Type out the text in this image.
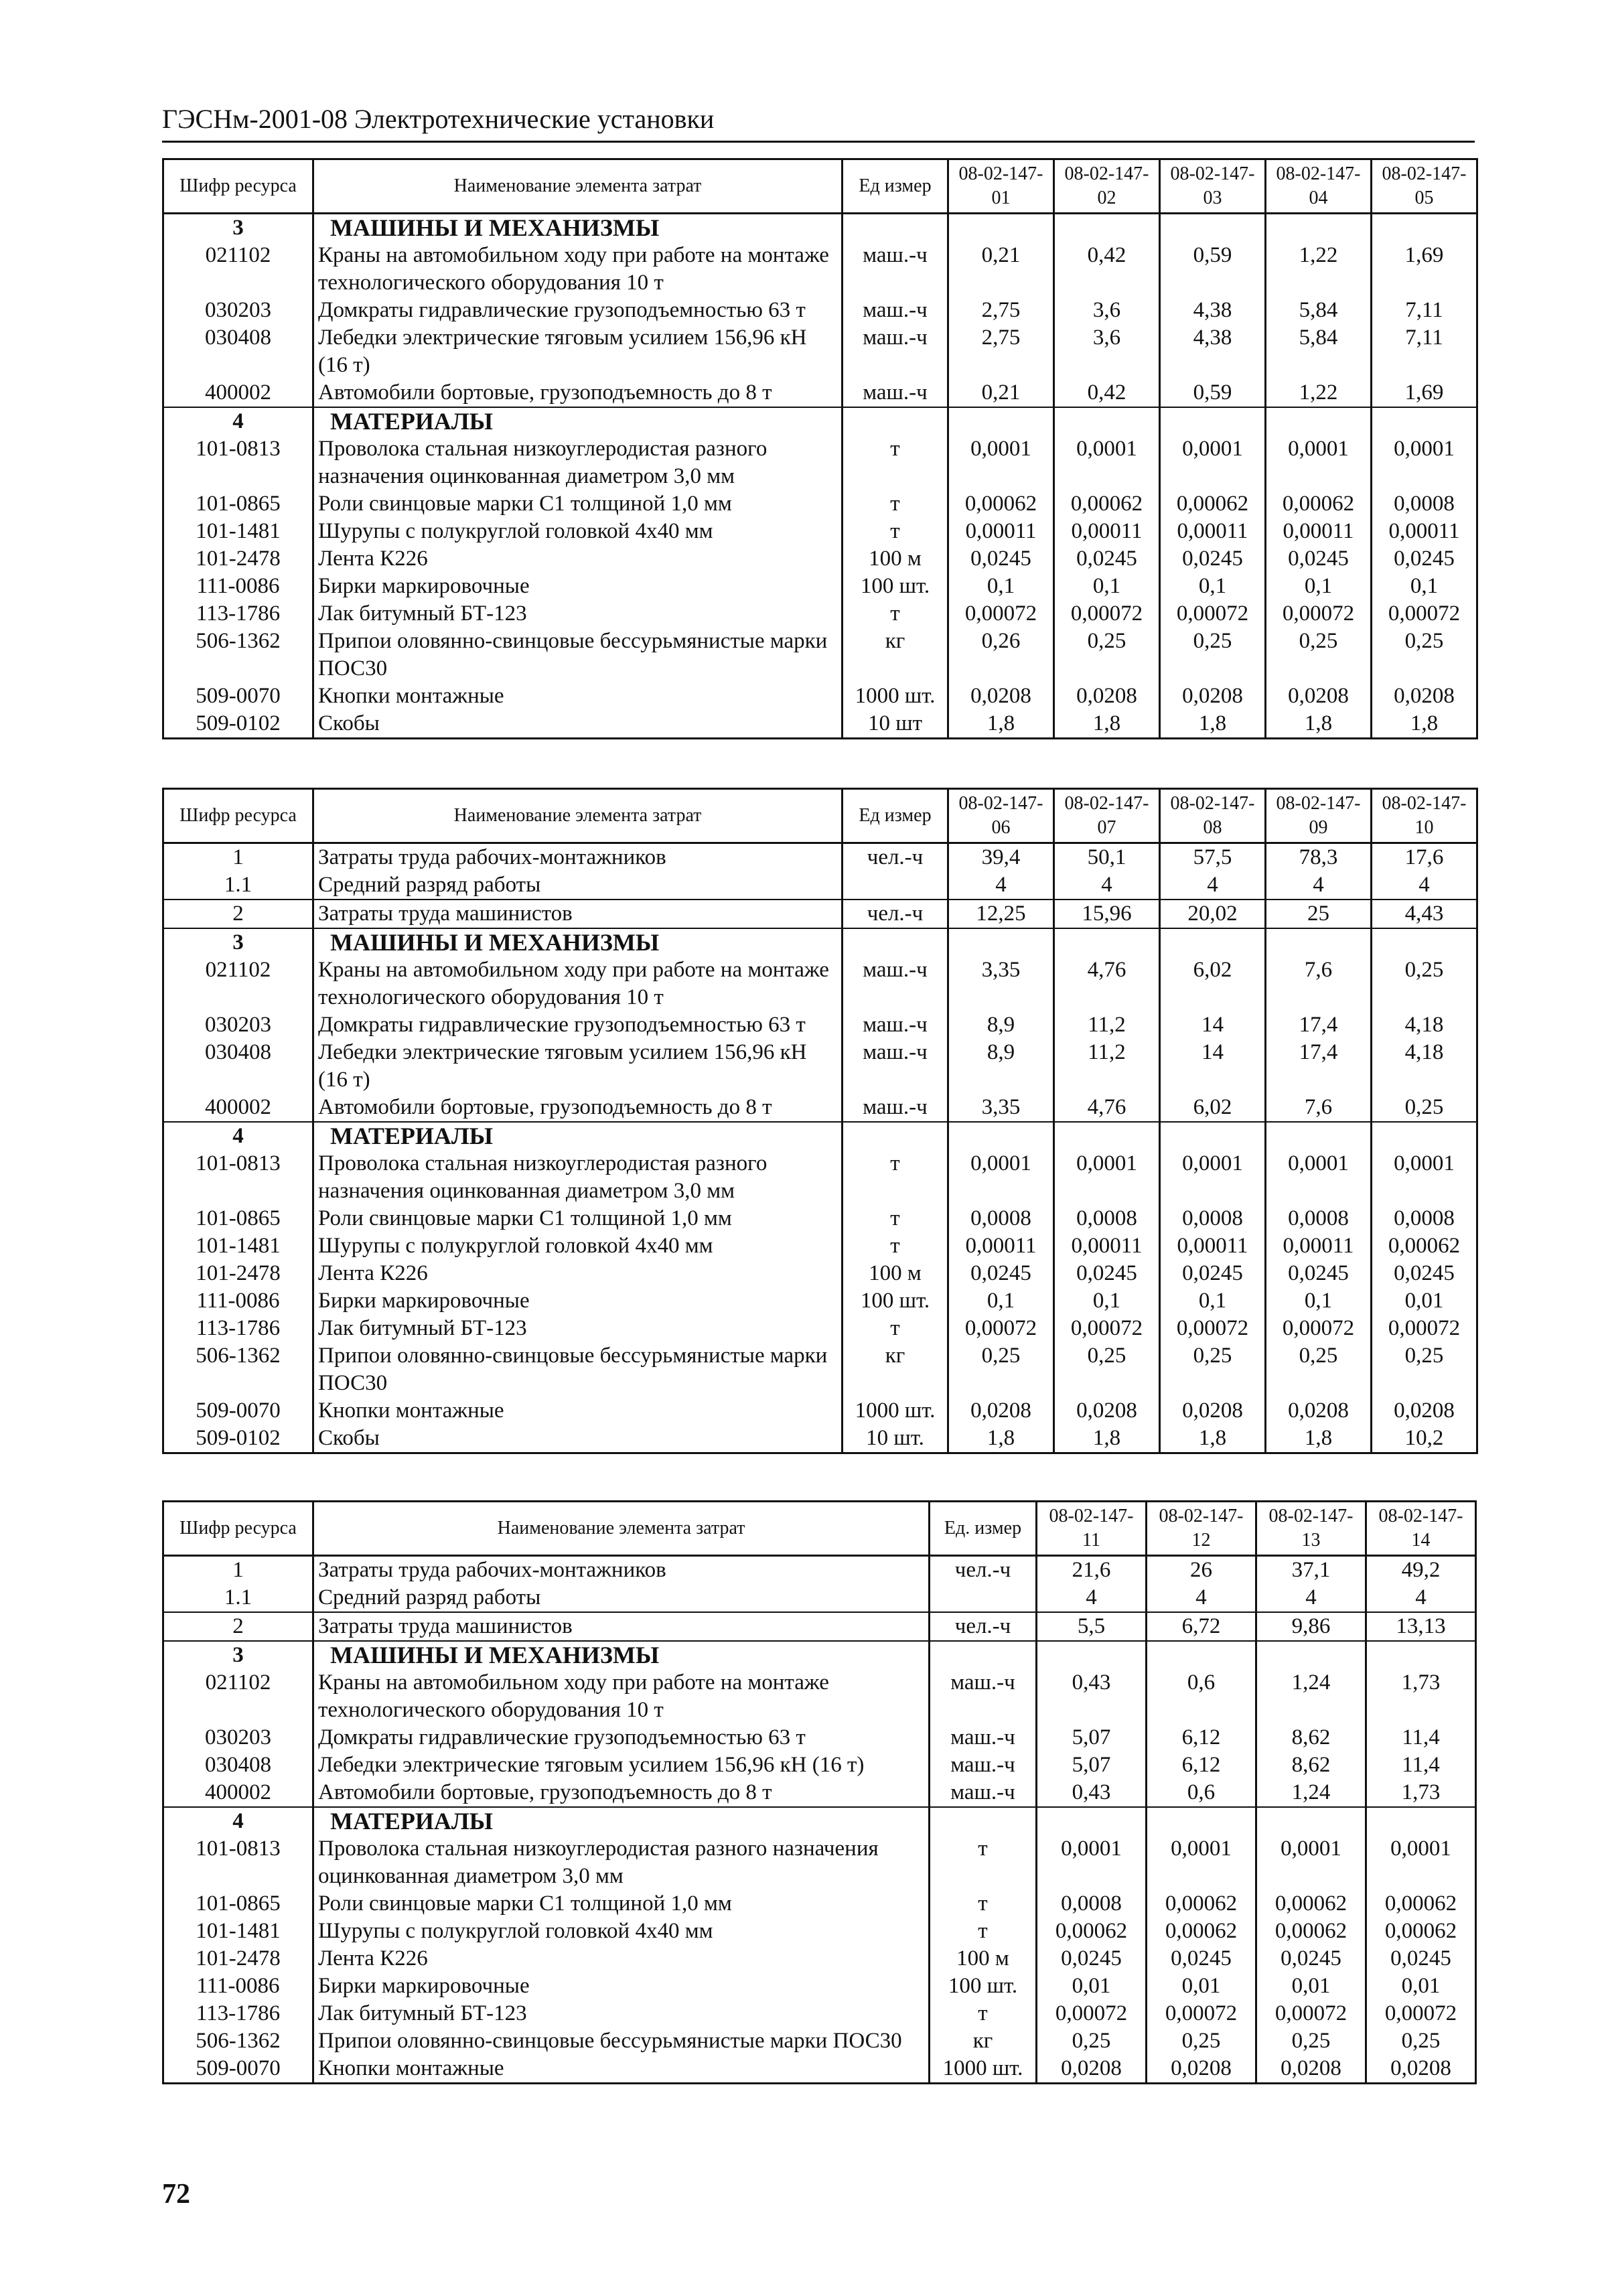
ГЭСНм-2001-08 Электротехнические установки
Шифр ресурса	Наименование элемента затрат	Ед измер	08-02-147-01	08-02-147-02	08-02-147-03	08-02-147-04	08-02-147-05
3	МАШИНЫ И МЕХАНИЗМЫ						
021102	Краны на автомобильном ходу при работе на монтаже технологического оборудования 10 т	маш.-ч	0,21	0,42	0,59	1,22	1,69
030203	Домкраты гидравлические грузоподъемностью 63 т	маш.-ч	2,75	3,6	4,38	5,84	7,11
030408	Лебедки электрические тяговым усилием 156,96 кН (16 т)	маш.-ч	2,75	3,6	4,38	5,84	7,11
400002	Автомобили бортовые, грузоподъемность до 8 т	маш.-ч	0,21	0,42	0,59	1,22	1,69
4	МАТЕРИАЛЫ						
101-0813	Проволока стальная низкоуглеродистая разного назначения оцинкованная диаметром 3,0 мм	т	0,0001	0,0001	0,0001	0,0001	0,0001
101-0865	Роли свинцовые марки С1 толщиной 1,0 мм	т	0,00062	0,00062	0,00062	0,00062	0,0008
101-1481	Шурупы с полукруглой головкой 4х40 мм	т	0,00011	0,00011	0,00011	0,00011	0,00011
101-2478	Лента К226	100 м	0,0245	0,0245	0,0245	0,0245	0,0245
111-0086	Бирки маркировочные	100 шт.	0,1	0,1	0,1	0,1	0,1
113-1786	Лак битумный БТ-123	т	0,00072	0,00072	0,00072	0,00072	0,00072
506-1362	Припои оловянно-свинцовые бессурьмянистые марки ПОС30	кг	0,26	0,25	0,25	0,25	0,25
509-0070	Кнопки монтажные	1000 шт.	0,0208	0,0208	0,0208	0,0208	0,0208
509-0102	Скобы	10 шт	1,8	1,8	1,8	1,8	1,8
Шифр ресурса	Наименование элемента затрат	Ед измер	08-02-147-06	08-02-147-07	08-02-147-08	08-02-147-09	08-02-147-10
1	Затраты труда рабочих-монтажников	чел.-ч	39,4	50,1	57,5	78,3	17,6
1.1	Средний разряд работы		4	4	4	4	4
2	Затраты труда машинистов	чел.-ч	12,25	15,96	20,02	25	4,43
3	МАШИНЫ И МЕХАНИЗМЫ						
021102	Краны на автомобильном ходу при работе на монтаже технологического оборудования 10 т	маш.-ч	3,35	4,76	6,02	7,6	0,25
030203	Домкраты гидравлические грузоподъемностью 63 т	маш.-ч	8,9	11,2	14	17,4	4,18
030408	Лебедки электрические тяговым усилием 156,96 кН (16 т)	маш.-ч	8,9	11,2	14	17,4	4,18
400002	Автомобили бортовые, грузоподъемность до 8 т	маш.-ч	3,35	4,76	6,02	7,6	0,25
4	МАТЕРИАЛЫ						
101-0813	Проволока стальная низкоуглеродистая разного назначения оцинкованная диаметром 3,0 мм	т	0,0001	0,0001	0,0001	0,0001	0,0001
101-0865	Роли свинцовые марки С1 толщиной 1,0 мм	т	0,0008	0,0008	0,0008	0,0008	0,0008
101-1481	Шурупы с полукруглой головкой 4х40 мм	т	0,00011	0,00011	0,00011	0,00011	0,00062
101-2478	Лента К226	100 м	0,0245	0,0245	0,0245	0,0245	0,0245
111-0086	Бирки маркировочные	100 шт.	0,1	0,1	0,1	0,1	0,01
113-1786	Лак битумный БТ-123	т	0,00072	0,00072	0,00072	0,00072	0,00072
506-1362	Припои оловянно-свинцовые бессурьмянистые марки ПОС30	кг	0,25	0,25	0,25	0,25	0,25
509-0070	Кнопки монтажные	1000 шт.	0,0208	0,0208	0,0208	0,0208	0,0208
509-0102	Скобы	10 шт.	1,8	1,8	1,8	1,8	10,2
Шифр ресурса	Наименование элемента затрат	Ед. измер	08-02-147-11	08-02-147-12	08-02-147-13	08-02-147-14
1	Затраты труда рабочих-монтажников	чел.-ч	21,6	26	37,1	49,2
1.1	Средний разряд работы		4	4	4	4
2	Затраты труда машинистов	чел.-ч	5,5	6,72	9,86	13,13
3	МАШИНЫ И МЕХАНИЗМЫ					
021102	Краны на автомобильном ходу при работе на монтаже технологического оборудования 10 т	маш.-ч	0,43	0,6	1,24	1,73
030203	Домкраты гидравлические грузоподъемностью 63 т	маш.-ч	5,07	6,12	8,62	11,4
030408	Лебедки электрические тяговым усилием 156,96 кН (16 т)	маш.-ч	5,07	6,12	8,62	11,4
400002	Автомобили бортовые, грузоподъемность до 8 т	маш.-ч	0,43	0,6	1,24	1,73
4	МАТЕРИАЛЫ					
101-0813	Проволока стальная низкоуглеродистая разного назначения оцинкованная диаметром 3,0 мм	т	0,0001	0,0001	0,0001	0,0001
101-0865	Роли свинцовые марки С1 толщиной 1,0 мм	т	0,0008	0,00062	0,00062	0,00062
101-1481	Шурупы с полукруглой головкой 4х40 мм	т	0,00062	0,00062	0,00062	0,00062
101-2478	Лента К226	100 м	0,0245	0,0245	0,0245	0,0245
111-0086	Бирки маркировочные	100 шт.	0,01	0,01	0,01	0,01
113-1786	Лак битумный БТ-123	т	0,00072	0,00072	0,00072	0,00072
506-1362	Припои оловянно-свинцовые бессурьмянистые марки ПОС30	кг	0,25	0,25	0,25	0,25
509-0070	Кнопки монтажные	1000 шт.	0,0208	0,0208	0,0208	0,0208
72
